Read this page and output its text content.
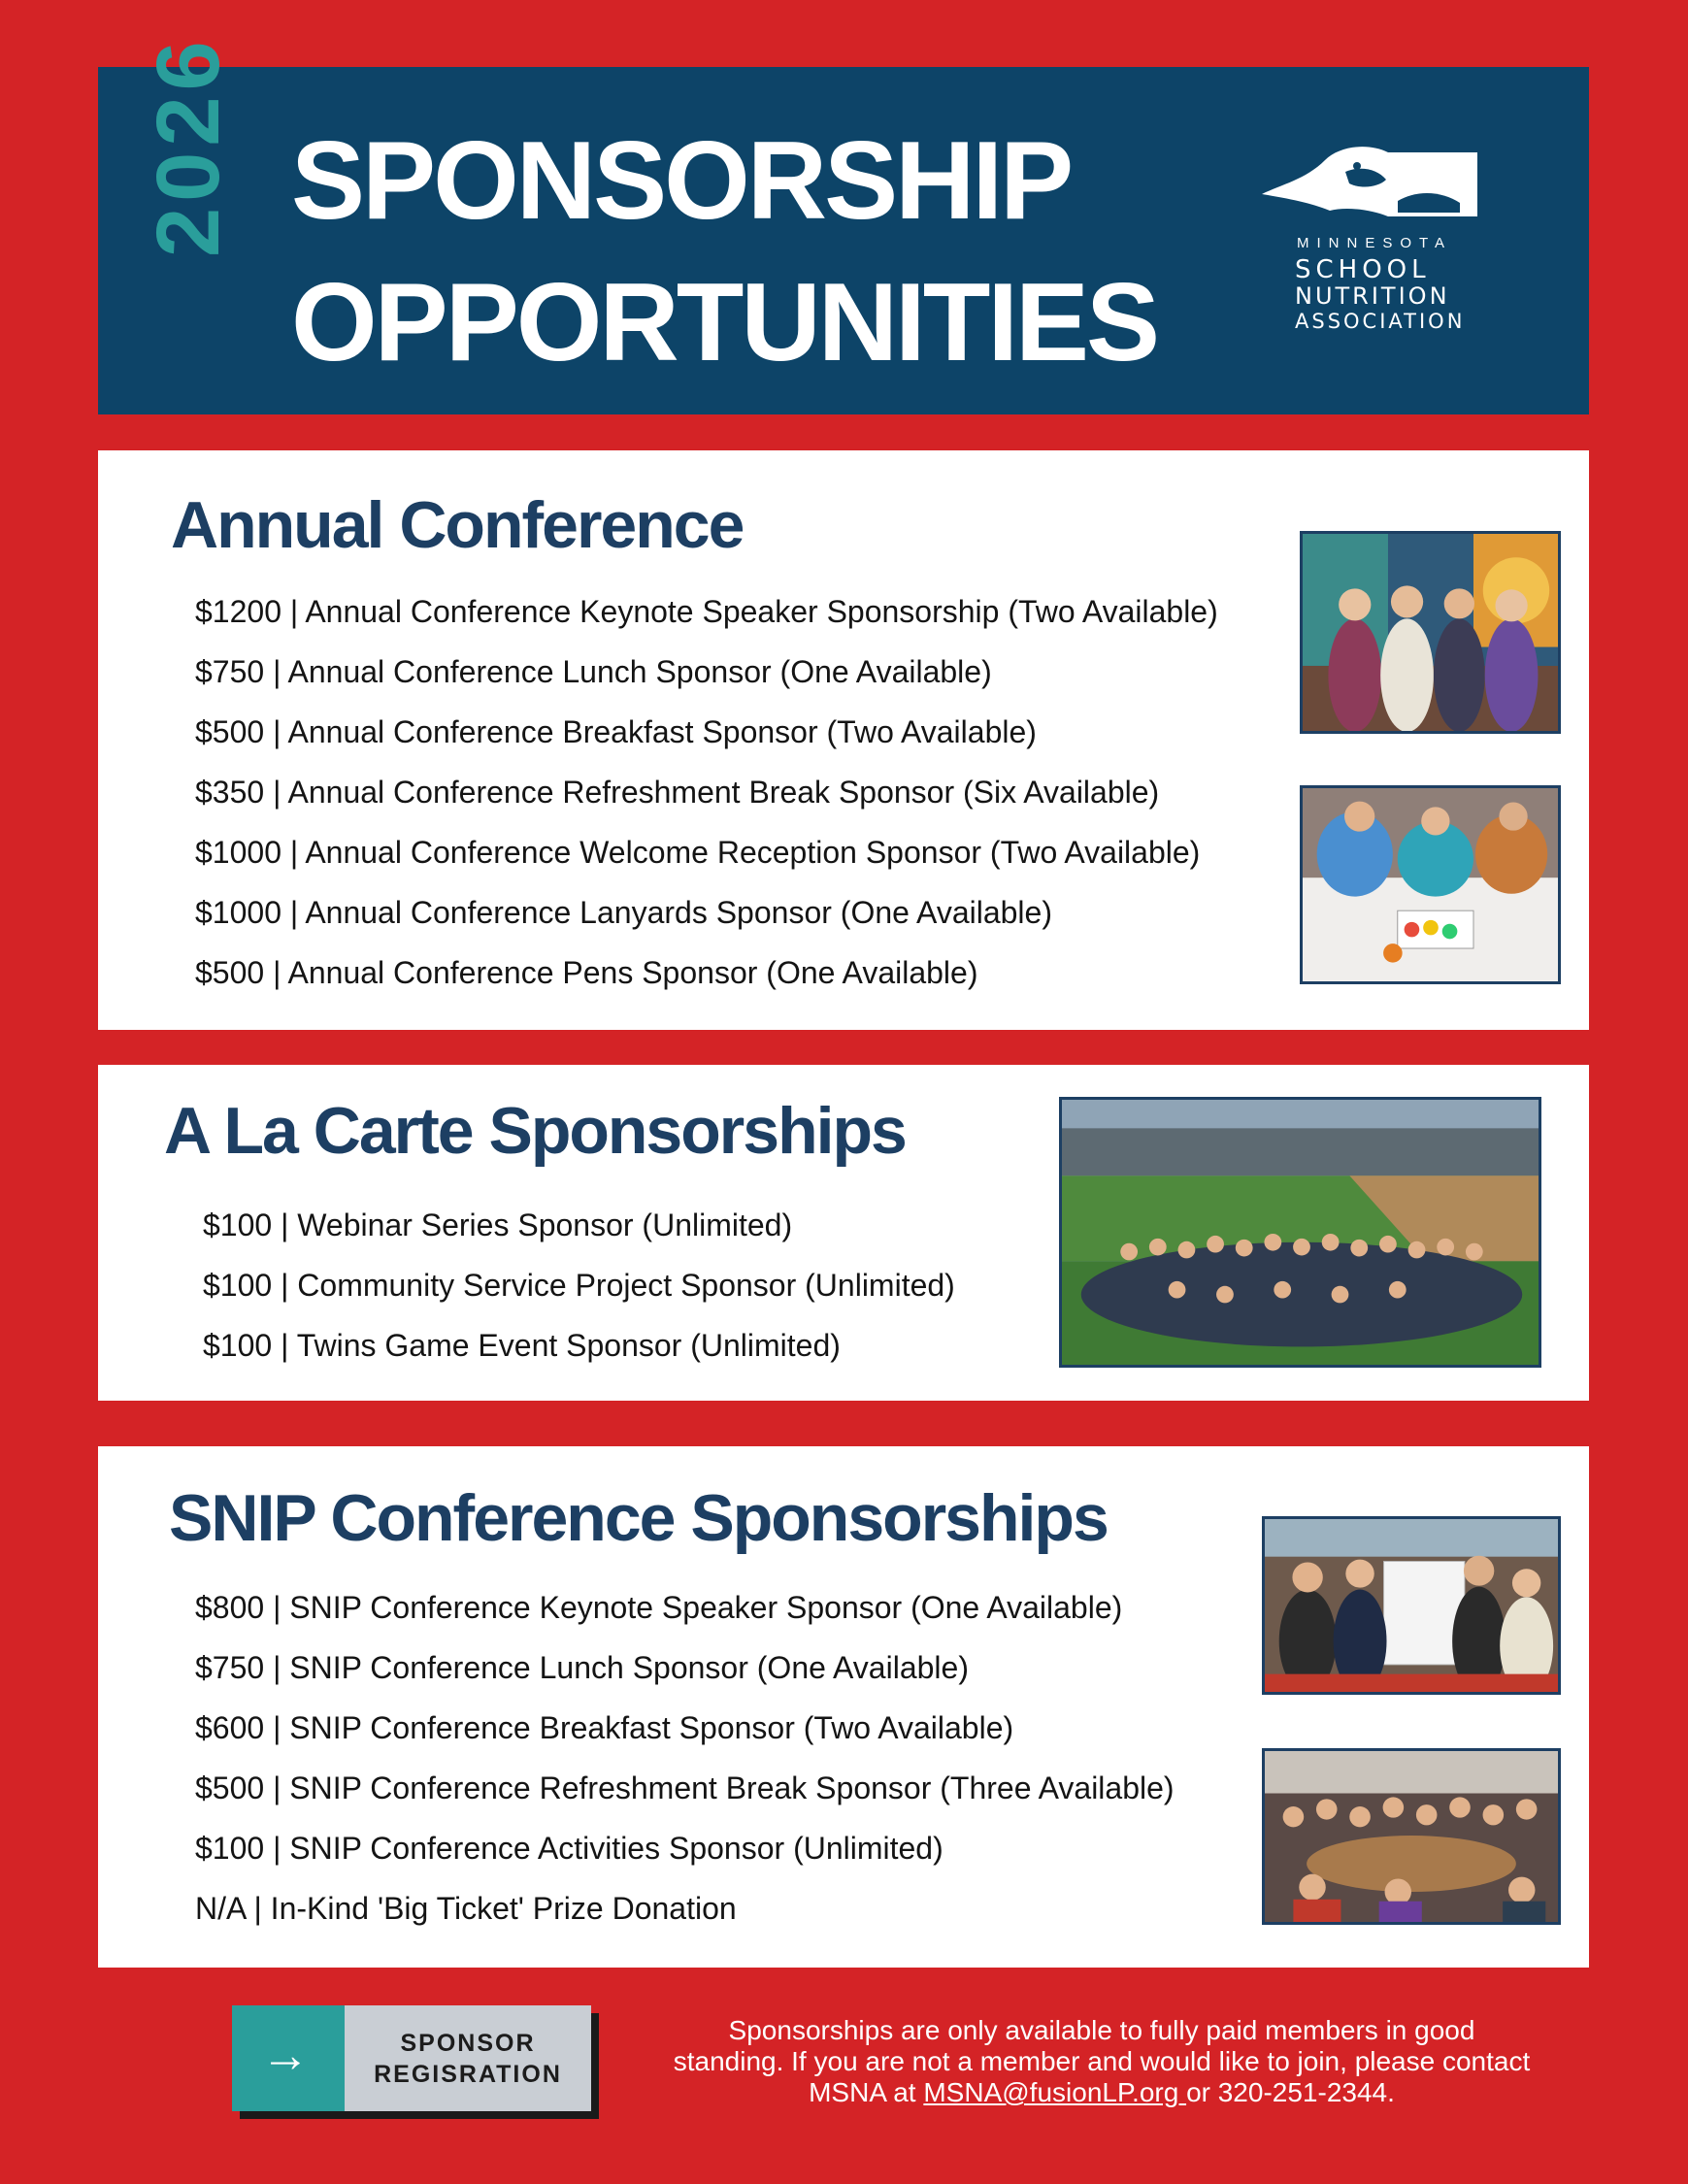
2026 SPONSORSHIP
OPPORTUNITIES
MINNESOTA
SCHOOL
NUTRITION
ASSOCIATION
Annual Conference
$1200 | Annual Conference Keynote Speaker Sponsorship (Two Available)
$750 | Annual Conference Lunch Sponsor (One Available)
$500 | Annual Conference Breakfast Sponsor (Two Available)
$350 | Annual Conference Refreshment Break Sponsor (Six Available)
$1000 | Annual Conference Welcome Reception Sponsor (Two Available)
$1000 | Annual Conference Lanyards Sponsor (One Available)
$500 | Annual Conference Pens Sponsor (One Available)
A La Carte Sponsorships
$100 | Webinar Series Sponsor (Unlimited)
$100 | Community Service Project Sponsor (Unlimited)
$100 | Twins Game Event Sponsor (Unlimited)
SNIP Conference Sponsorships
$800 | SNIP Conference Keynote Speaker Sponsor (One Available)
$750 | SNIP Conference Lunch Sponsor (One Available)
$600 | SNIP Conference Breakfast Sponsor (Two Available)
$500 | SNIP Conference Refreshment Break Sponsor (Three Available)
$100 | SNIP Conference Activities Sponsor (Unlimited)
N/A | In-Kind 'Big Ticket' Prize Donation
→	SPONSOR
REGISRATION
Sponsorships are only available to fully paid members in good standing. If you are not a member and would like to join, please contact MSNA at MSNA@fusionLP.org or 320-251-2344.
